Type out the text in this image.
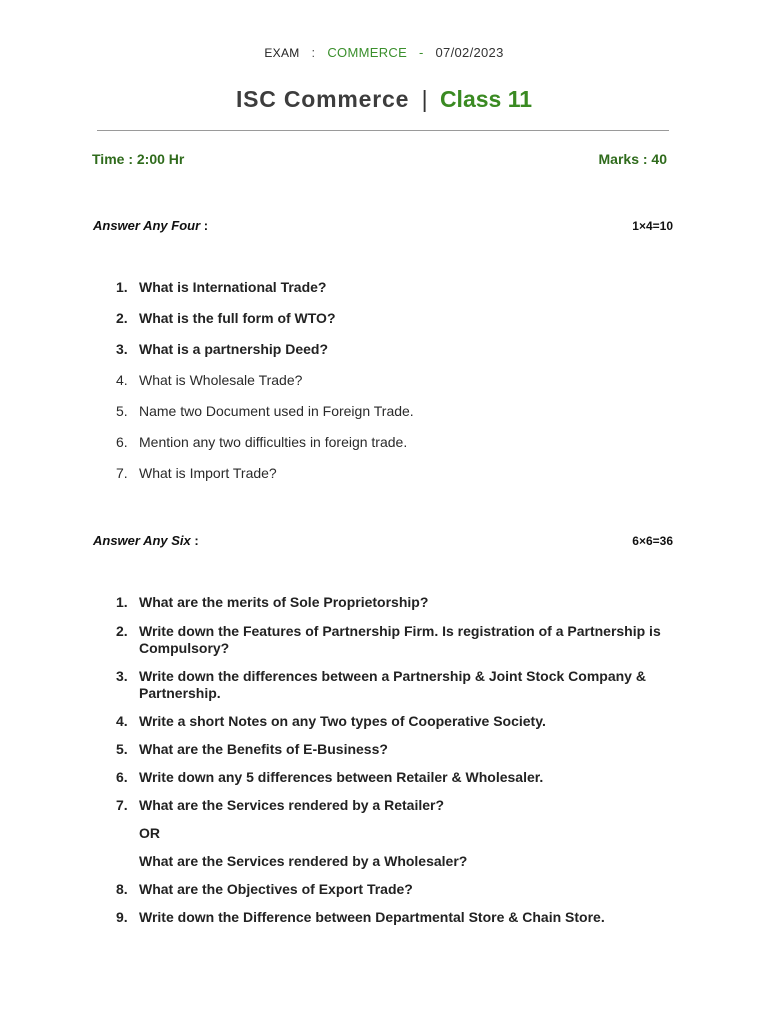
EXAM : COMMERCE - 07/02/2023
ISC Commerce | Class 11
Time : 2:00 Hr	Marks : 40
Answer Any Four :	1×4=10
1. What is International Trade?
2. What is the full form of WTO?
3. What is a partnership Deed?
4. What is Wholesale Trade?
5. Name two Document used in Foreign Trade.
6. Mention any two difficulties in foreign trade.
7. What is Import Trade?
Answer Any Six :	6×6=36
1. What are the merits of Sole Proprietorship?
2. Write down the Features of Partnership Firm. Is registration of a Partnership is Compulsory?
3. Write down the differences between a Partnership & Joint Stock Company & Partnership.
4. Write a short Notes on any Two types of Cooperative Society.
5. What are the Benefits of E-Business?
6. Write down any 5 differences between Retailer & Wholesaler.
7. What are the Services rendered by a Retailer?
OR
What are the Services rendered by a Wholesaler?
8. What are the Objectives of Export Trade?
9. Write down the Difference between Departmental Store & Chain Store.
